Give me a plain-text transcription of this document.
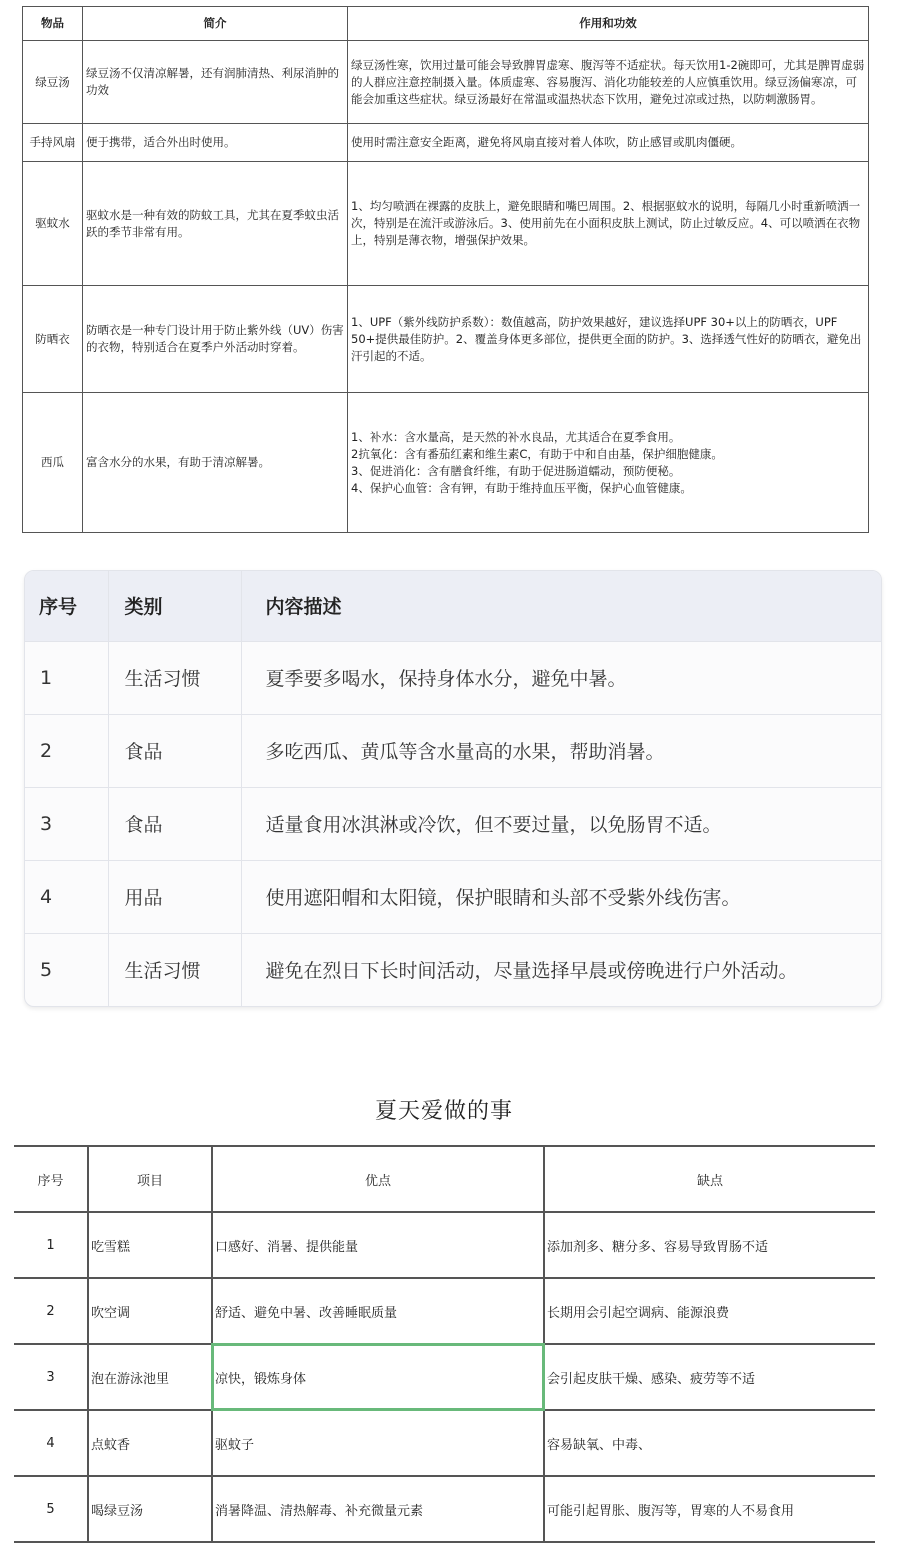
物品	简介	作用和功效
绿豆汤	绿豆汤不仅清凉解暑，还有润肺清热、利尿消肿的功效	绿豆汤性寒，饮用过量可能会导致脾胃虚寒、腹泻等不适症状。每天饮用1-2碗即可，尤其是脾胃虚弱的人群应注意控制摄入量。体质虚寒、容易腹泻、消化功能较差的人应慎重饮用。绿豆汤偏寒凉，可能会加重这些症状。绿豆汤最好在常温或温热状态下饮用，避免过凉或过热，以防刺激肠胃。

手持风扇	便于携带，适合外出时使用。	使用时需注意安全距离，避免将风扇直接对着人体吹，防止感冒或肌肉僵硬。

驱蚊水	驱蚊水是一种有效的防蚊工具，尤其在夏季蚊虫活跃的季节非常有用。	1、均匀喷洒在裸露的皮肤上，避免眼睛和嘴巴周围。2、根据驱蚊水的说明，每隔几小时重新喷洒一次，特别是在流汗或游泳后。3、使用前先在小面积皮肤上测试，防止过敏反应。4、可以喷洒在衣物上，特别是薄衣物，增强保护效果。

防晒衣	防晒衣是一种专门设计用于防止紫外线（UV）伤害的衣物，特别适合在夏季户外活动时穿着。	1、UPF（紫外线防护系数）：数值越高，防护效果越好，建议选择UPF 30+以上的防晒衣，UPF 50+提供最佳防护。2、覆盖身体更多部位，提供更全面的防护。3、选择透气性好的防晒衣，避免出汗引起的不适。

西瓜	富含水分的水果，有助于清凉解暑。	1、补水：含水量高，是天然的补水良品，尤其适合在夏季食用。
2抗氧化：含有番茄红素和维生素C，有助于中和自由基，保护细胞健康。
3、促进消化：含有膳食纤维，有助于促进肠道蠕动，预防便秘。
4、保护心血管：含有钾，有助于维持血压平衡，保护心血管健康。
序号	类别	内容描述
1	生活习惯	夏季要多喝水，保持身体水分，避免中暑。
2	食品	多吃西瓜、黄瓜等含水量高的水果，帮助消暑。
3	食品	适量食用冰淇淋或冷饮，但不要过量，以免肠胃不适。
4	用品	使用遮阳帽和太阳镜，保护眼睛和头部不受紫外线伤害。
5	生活习惯	避免在烈日下长时间活动，尽量选择早晨或傍晚进行户外活动。
夏天爱做的事
序号	项目	优点	缺点
1	吃雪糕	口感好、消暑、提供能量	添加剂多、糖分多、容易导致胃肠不适
2	吹空调	舒适、避免中暑、改善睡眠质量	长期用会引起空调病、能源浪费
3	泡在游泳池里	凉快，锻炼身体	会引起皮肤干燥、感染、疲劳等不适
4	点蚊香	驱蚊子	容易缺氧、中毒、
5	喝绿豆汤	消暑降温、清热解毒、补充微量元素	可能引起胃胀、腹泻等，胃寒的人不易食用
